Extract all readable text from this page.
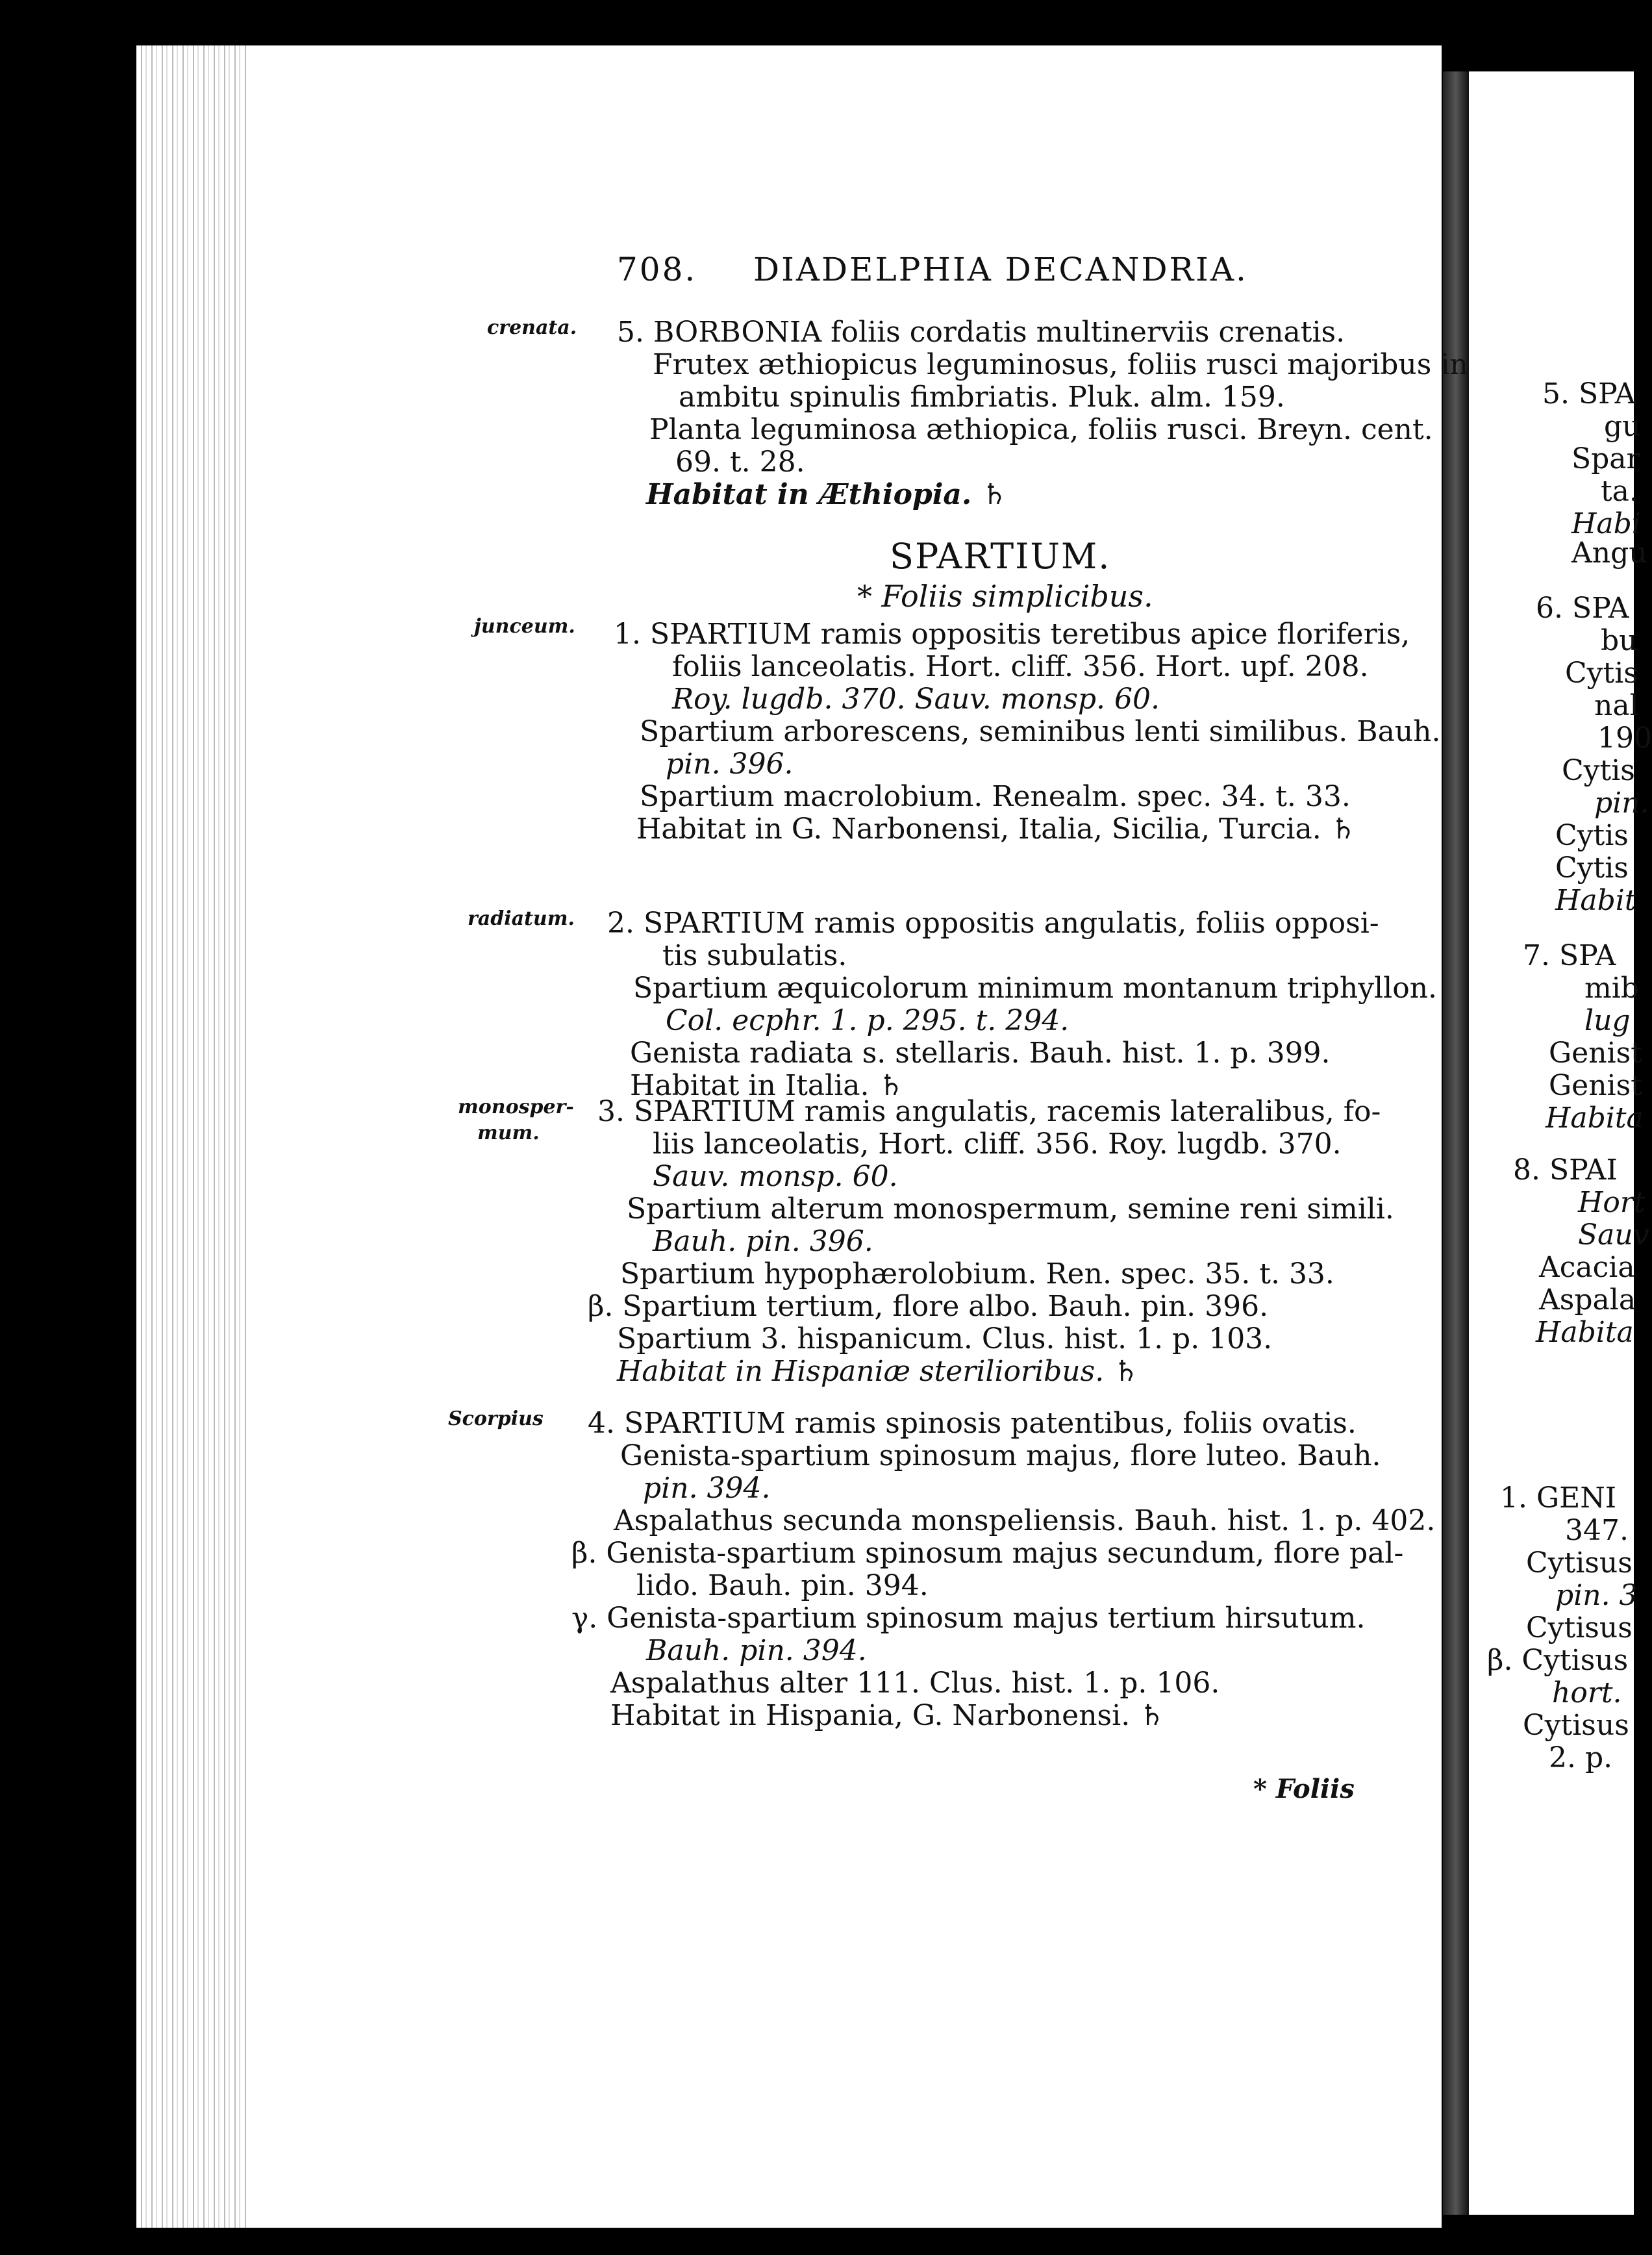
708. DIADELPHIA DECANDRIA.
crenata.
junceum.
radiatum.
monosper-
mum.
Scorpius
5. BORBONIA foliis cordatis multinerviis crenatis.
Frutex æthiopicus leguminosus, foliis rusci majoribus in
ambitu spinulis fimbriatis. Pluk. alm. 159.
Planta leguminosa æthiopica, foliis rusci. Breyn. cent.
69. t. 28.
Habitat in Æthiopia. ♄
SPARTIUM.
* Foliis simplicibus.
1. SPARTIUM ramis oppositis teretibus apice floriferis,
foliis lanceolatis. Hort. cliff. 356. Hort. upf. 208.
Roy. lugdb. 370. Sauv. monsp. 60.
Spartium arborescens, seminibus lenti similibus. Bauh.
pin. 396.
Spartium macrolobium. Renealm. spec. 34. t. 33.
Habitat in G. Narbonensi, Italia, Sicilia, Turcia. ♄
2. SPARTIUM ramis oppositis angulatis, foliis opposi-
tis subulatis.
Spartium æquicolorum minimum montanum triphyllon.
Col. ecphr. 1. p. 295. t. 294.
Genista radiata s. stellaris. Bauh. hist. 1. p. 399.
Habitat in Italia. ♄
3. SPARTIUM ramis angulatis, racemis lateralibus, fo-
liis lanceolatis, Hort. cliff. 356. Roy. lugdb. 370.
Sauv. monsp. 60.
Spartium alterum monospermum, semine reni simili.
Bauh. pin. 396.
Spartium hypophærolobium. Ren. spec. 35. t. 33.
β. Spartium tertium, flore albo. Bauh. pin. 396.
Spartium 3. hispanicum. Clus. hist. 1. p. 103.
Habitat in Hispaniæ sterilioribus. ♄
4. SPARTIUM ramis spinosis patentibus, foliis ovatis.
Genista-spartium spinosum majus, flore luteo. Bauh.
pin. 394.
Aspalathus secunda monspeliensis. Bauh. hist. 1. p. 402.
β. Genista-spartium spinosum majus secundum, flore pal-
lido. Bauh. pin. 394.
γ. Genista-spartium spinosum majus tertium hirsutum.
Bauh. pin. 394.
Aspalathus alter 111. Clus. hist. 1. p. 106.
Habitat in Hispania, G. Narbonensi. ♄
* Foliis
5. SPA
gu
Spar
ta.
Habi
Angu
6. SPA
bu
Cytis
nal
190
Cytis
pin.
Cytis
Cytis
Habit
7. SPA
mib
lug
Genist
Genist
Habita
8. SPAI
Hort
Sauv
Acacia
Aspala
Habita
1. GENI
347.
Cytisus
pin. 3
Cytisus
β. Cytisus
hort.
Cytisus
2. p.
